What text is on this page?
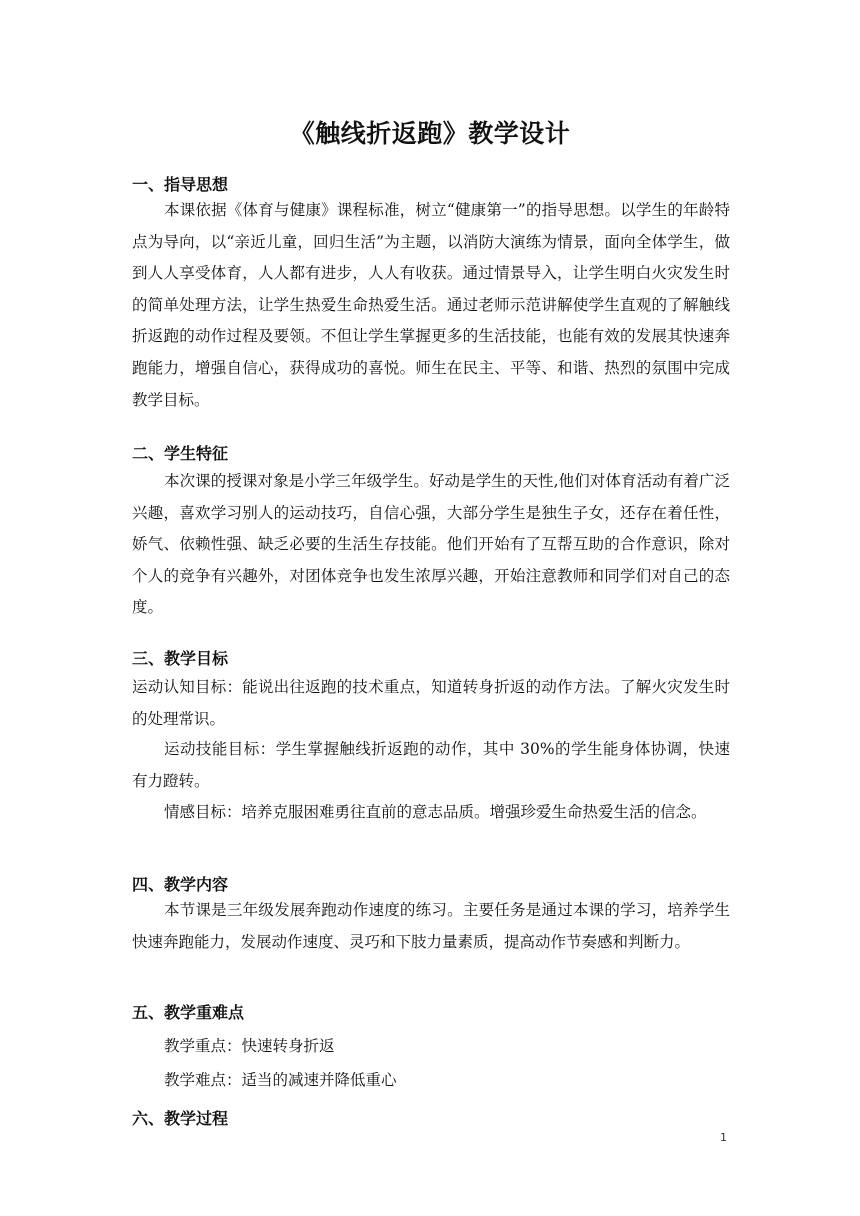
《触线折返跑》教学设计
一、指导思想

本课依据《体育与健康》课程标准，树立“健康第一”的指导思想。以学生的年龄特点为导向，以“亲近儿童，回归生活”为主题，以消防大演练为情景，面向全体学生，做到人人享受体育，人人都有进步，人人有收获。通过情景导入，让学生明白火灾发生时的简单处理方法，让学生热爱生命热爱生活。通过老师示范讲解使学生直观的了解触线折返跑的动作过程及要领。不但让学生掌握更多的生活技能，也能有效的发展其快速奔跑能力，增强自信心，获得成功的喜悦。师生在民主、平等、和谐、热烈的氛围中完成教学目标。

二、学生特征

本次课的授课对象是小学三年级学生。好动是学生的天性,他们对体育活动有着广泛兴趣，喜欢学习别人的运动技巧，自信心强，大部分学生是独生子女，还存在着任性，娇气、依赖性强、缺乏必要的生活生存技能。他们开始有了互帮互助的合作意识，除对个人的竞争有兴趣外，对团体竞争也发生浓厚兴趣，开始注意教师和同学们对自己的态度。

三、教学目标

运动认知目标：能说出往返跑的技术重点，知道转身折返的动作方法。了解火灾发生时的处理常识。

运动技能目标：学生掌握触线折返跑的动作，其中 30%的学生能身体协调，快速有力蹬转。

情感目标：培养克服困难勇往直前的意志品质。增强珍爱生命热爱生活的信念。

四、教学内容

本节课是三年级发展奔跑动作速度的练习。主要任务是通过本课的学习，培养学生快速奔跑能力，发展动作速度、灵巧和下肢力量素质，提高动作节奏感和判断力。

五、教学重难点

教学重点：快速转身折返

教学难点：适当的减速并降低重心

六、教学过程
1
